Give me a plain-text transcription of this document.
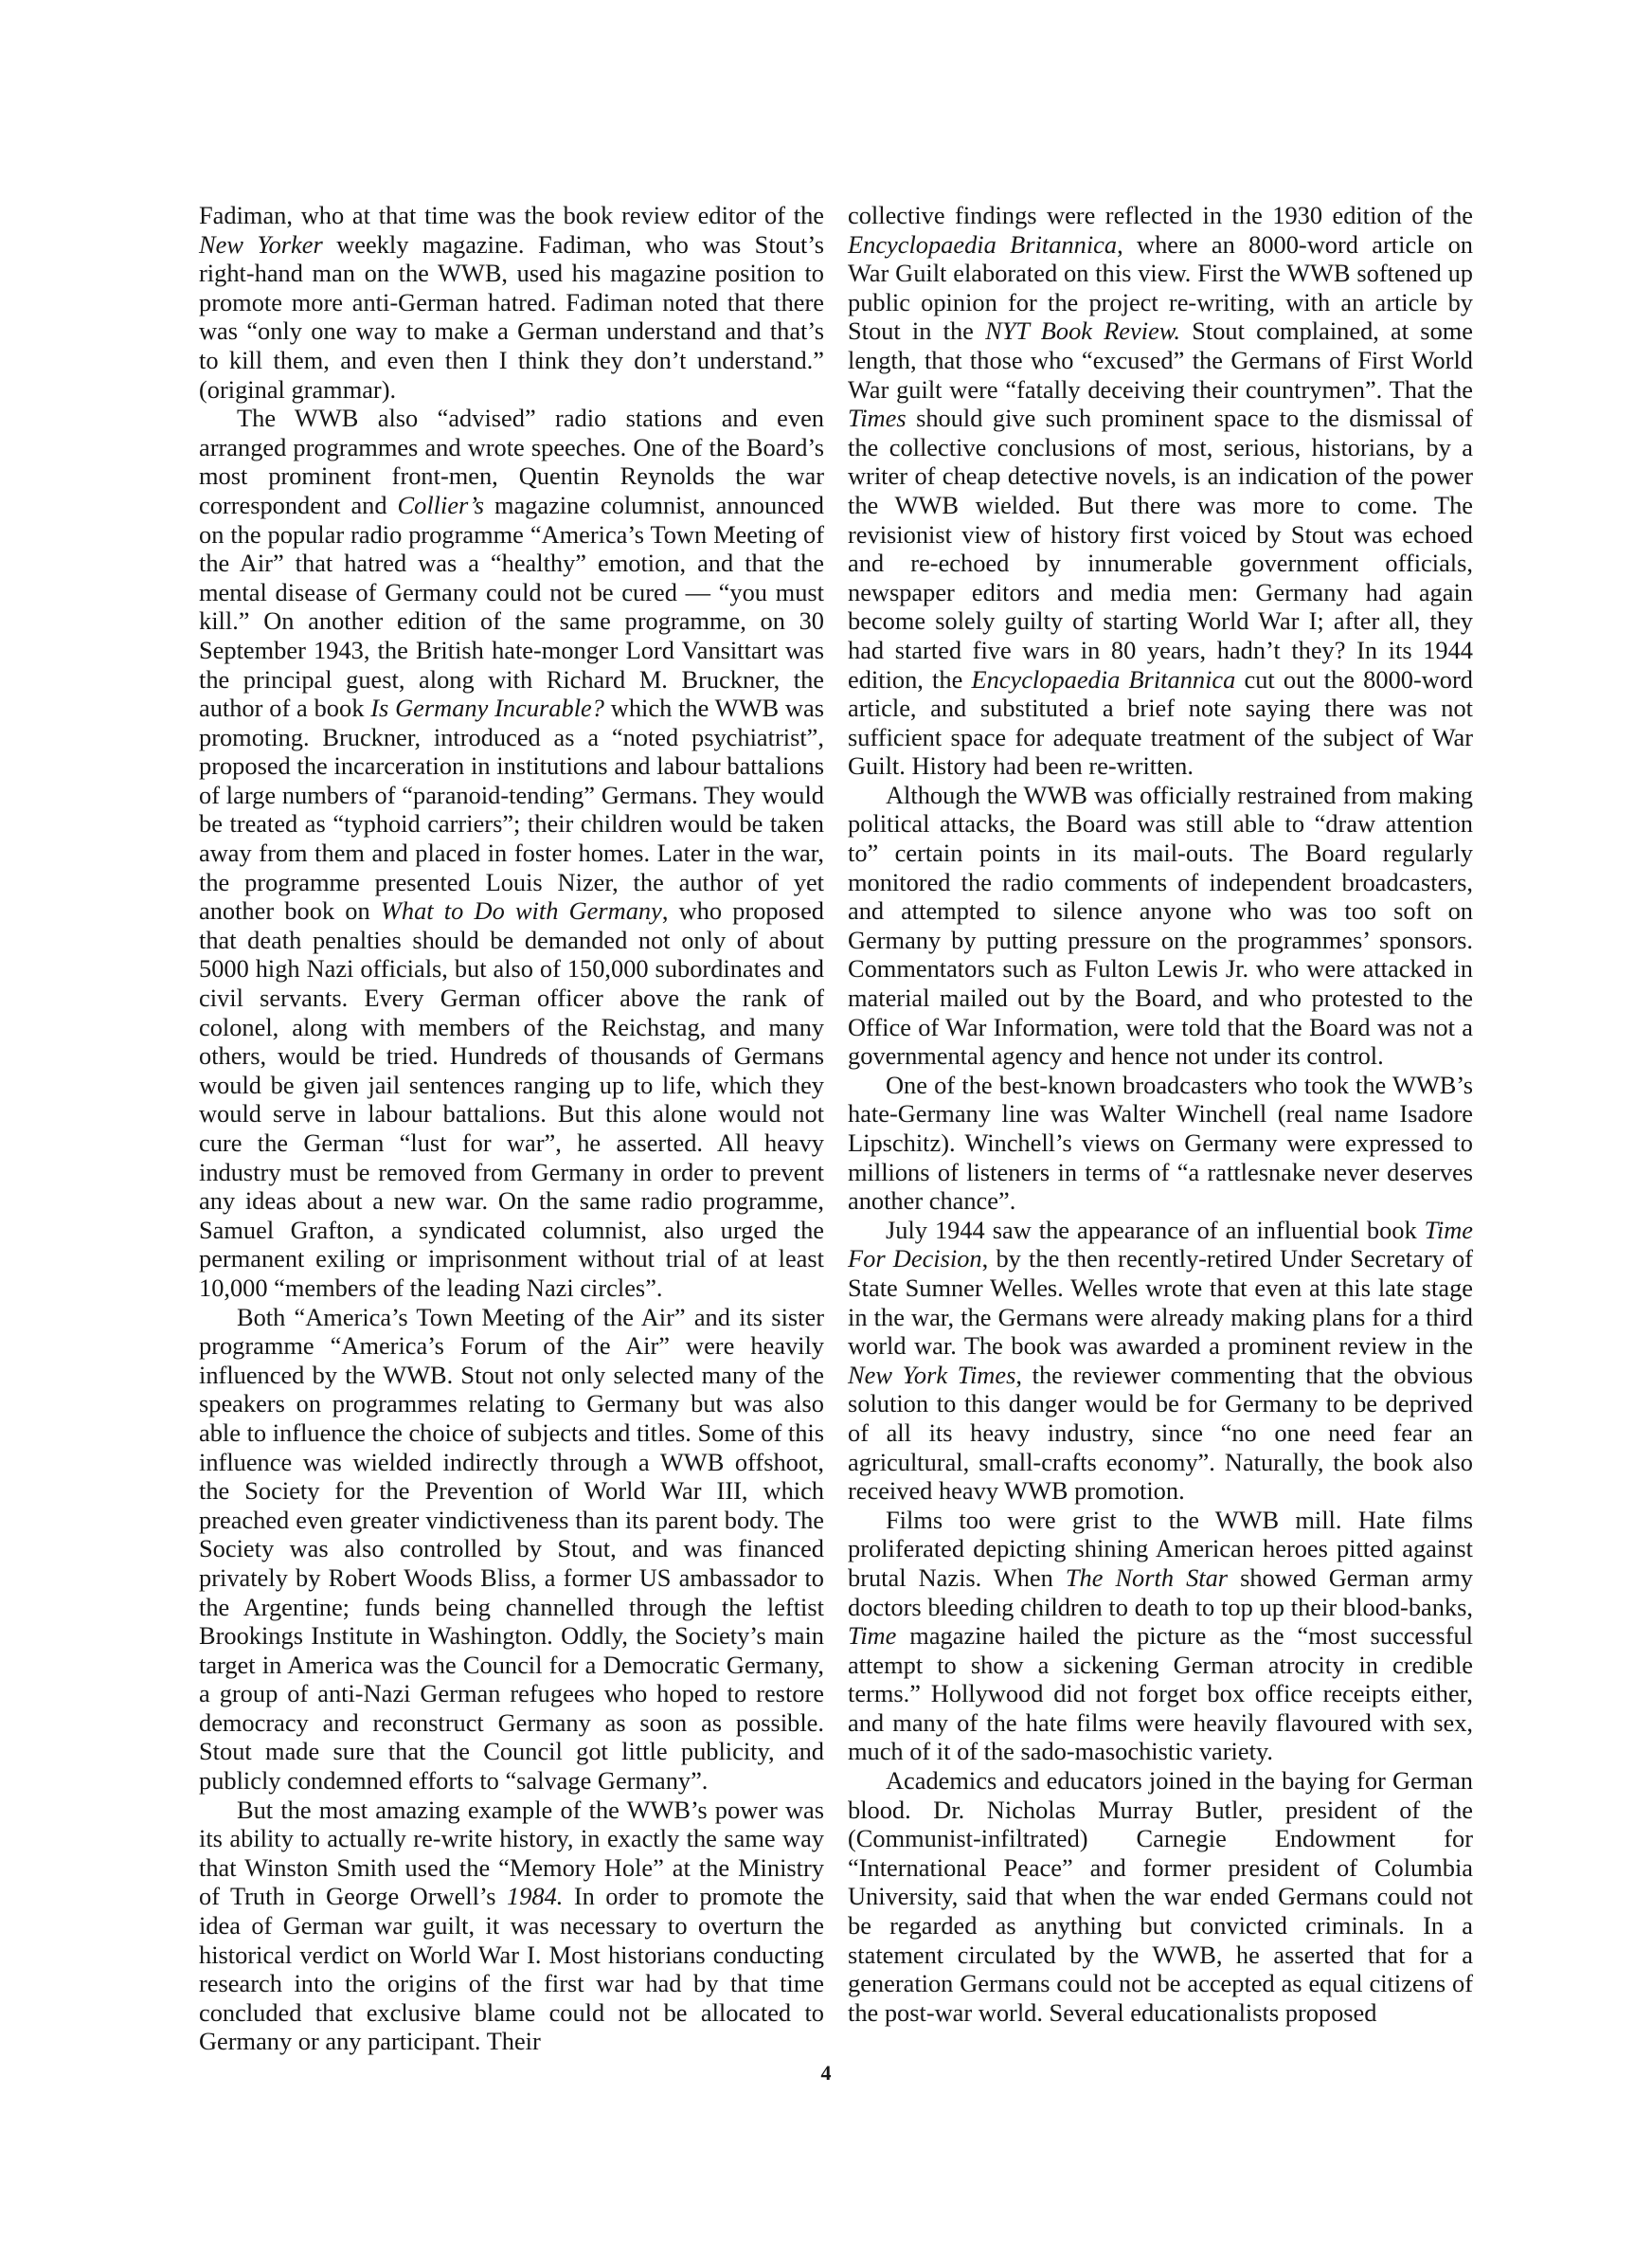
Fadiman, who at that time was the book review editor of the New Yorker weekly magazine. Fadiman, who was Stout’s right-hand man on the WWB, used his magazine position to promote more anti-German hatred. Fadiman noted that there was “only one way to make a German understand and that’s to kill them, and even then I think they don’t understand.” (original grammar).

The WWB also “advised” radio stations and even arranged programmes and wrote speeches. One of the Board’s most prominent front-men, Quentin Reynolds the war correspondent and Collier’s magazine columnist, announced on the popular radio programme “America’s Town Meeting of the Air” that hatred was a “healthy” emotion, and that the mental disease of Germany could not be cured — “you must kill.” On another edition of the same programme, on 30 September 1943, the British hate-monger Lord Vansittart was the principal guest, along with Richard M. Bruckner, the author of a book Is Germany Incurable? which the WWB was promoting. Bruckner, introduced as a “noted psychiatrist”, proposed the incarceration in institutions and labour battalions of large numbers of “paranoid-tending” Germans. They would be treated as “typhoid carriers”; their children would be taken away from them and placed in foster homes. Later in the war, the programme presented Louis Nizer, the author of yet another book on What to Do with Germany, who proposed that death penalties should be demanded not only of about 5000 high Nazi officials, but also of 150,000 subordinates and civil servants. Every German officer above the rank of colonel, along with members of the Reichstag, and many others, would be tried. Hundreds of thousands of Germans would be given jail sentences ranging up to life, which they would serve in labour battalions. But this alone would not cure the German “lust for war”, he asserted. All heavy industry must be removed from Germany in order to prevent any ideas about a new war. On the same radio programme, Samuel Grafton, a syndicated columnist, also urged the permanent exiling or imprisonment without trial of at least 10,000 “members of the leading Nazi circles”.

Both “America’s Town Meeting of the Air” and its sister programme “America’s Forum of the Air” were heavily influenced by the WWB. Stout not only selected many of the speakers on programmes relating to Germany but was also able to influence the choice of subjects and titles. Some of this influence was wielded indirectly through a WWB offshoot, the Society for the Prevention of World War III, which preached even greater vindictiveness than its parent body. The Society was also controlled by Stout, and was financed privately by Robert Woods Bliss, a former US ambassador to the Argentine; funds being channelled through the leftist Brookings Institute in Washington. Oddly, the Society’s main target in America was the Council for a Democratic Germany, a group of anti-Nazi German refugees who hoped to restore democracy and reconstruct Germany as soon as possible. Stout made sure that the Council got little publicity, and publicly condemned efforts to “salvage Germany”.

But the most amazing example of the WWB’s power was its ability to actually re-write history, in exactly the same way that Winston Smith used the “Memory Hole” at the Ministry of Truth in George Orwell’s 1984. In order to promote the idea of German war guilt, it was necessary to overturn the historical verdict on World War I. Most historians conducting research into the origins of the first war had by that time concluded that exclusive blame could not be allocated to Germany or any participant. Their

collective findings were reflected in the 1930 edition of the Encyclopaedia Britannica, where an 8000-word article on War Guilt elaborated on this view. First the WWB softened up public opinion for the project re-writing, with an article by Stout in the NYT Book Review. Stout complained, at some length, that those who “excused” the Germans of First World War guilt were “fatally deceiving their countrymen”. That the Times should give such prominent space to the dismissal of the collective conclusions of most, serious, historians, by a writer of cheap detective novels, is an indication of the power the WWB wielded. But there was more to come. The revisionist view of history first voiced by Stout was echoed and re-echoed by innumerable government officials, newspaper editors and media men: Germany had again become solely guilty of starting World War I; after all, they had started five wars in 80 years, hadn’t they? In its 1944 edition, the Encyclopaedia Britannica cut out the 8000-word article, and substituted a brief note saying there was not sufficient space for adequate treatment of the subject of War Guilt. History had been re-written.

Although the WWB was officially restrained from making political attacks, the Board was still able to “draw attention to” certain points in its mail-outs. The Board regularly monitored the radio comments of independent broadcasters, and attempted to silence anyone who was too soft on Germany by putting pressure on the programmes’ sponsors. Commentators such as Fulton Lewis Jr. who were attacked in material mailed out by the Board, and who protested to the Office of War Information, were told that the Board was not a governmental agency and hence not under its control.

One of the best-known broadcasters who took the WWB’s hate-Germany line was Walter Winchell (real name Isadore Lipschitz). Winchell’s views on Germany were expressed to millions of listeners in terms of “a rattlesnake never deserves another chance”.

July 1944 saw the appearance of an influential book Time For Decision, by the then recently-retired Under Secretary of State Sumner Welles. Welles wrote that even at this late stage in the war, the Germans were already making plans for a third world war. The book was awarded a prominent review in the New York Times, the reviewer commenting that the obvious solution to this danger would be for Germany to be deprived of all its heavy industry, since “no one need fear an agricultural, small-crafts economy”. Naturally, the book also received heavy WWB promotion.

Films too were grist to the WWB mill. Hate films proliferated depicting shining American heroes pitted against brutal Nazis. When The North Star showed German army doctors bleeding children to death to top up their blood-banks, Time magazine hailed the picture as the “most successful attempt to show a sickening German atrocity in credible terms.” Hollywood did not forget box office receipts either, and many of the hate films were heavily flavoured with sex, much of it of the sado-masochistic variety.

Academics and educators joined in the baying for German blood. Dr. Nicholas Murray Butler, president of the (Communist-infiltrated) Carnegie Endowment for “International Peace” and former president of Columbia University, said that when the war ended Germans could not be regarded as anything but convicted criminals. In a statement circulated by the WWB, he asserted that for a generation Germans could not be accepted as equal citizens of the post-war world. Several educationalists proposed

4
